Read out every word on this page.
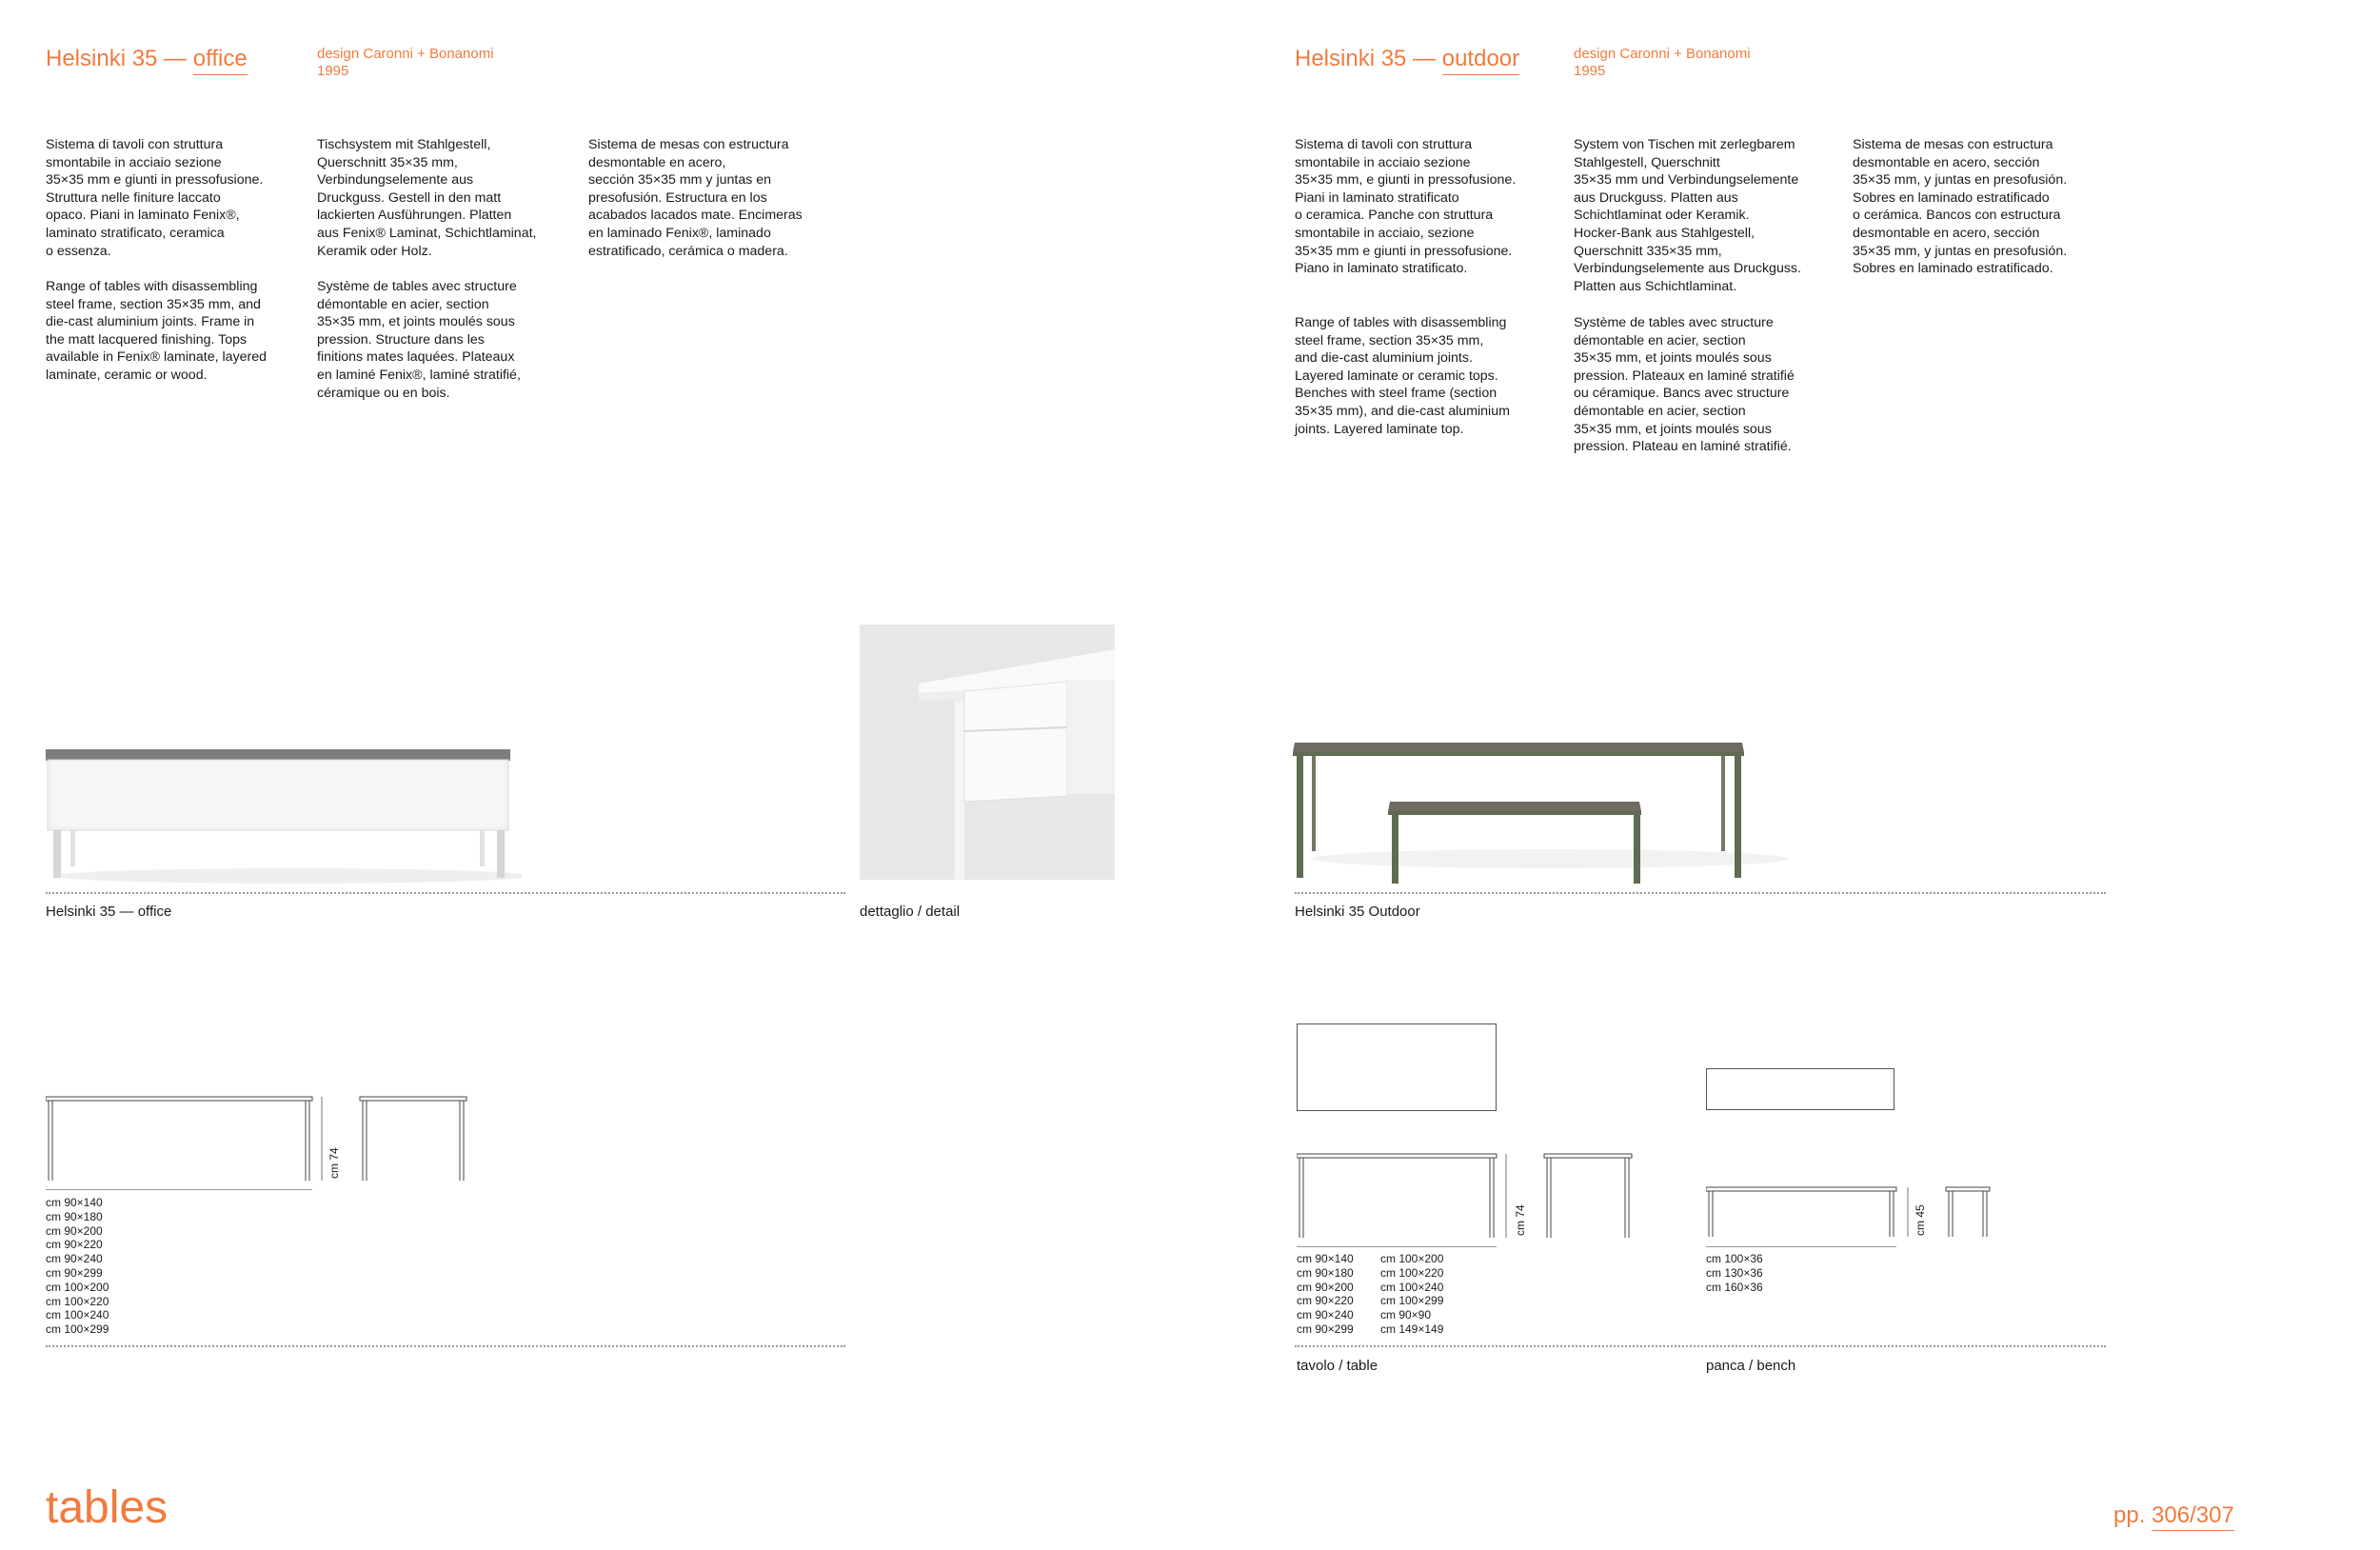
Helsinki 35 — office	design Caronni + Bonanomi
1995

Sistema di tavoli con struttura
smontabile in acciaio sezione
35×35 mm e giunti in pressofusione.
Struttura nelle finiture laccato
opaco. Piani in laminato Fenix®,
laminato stratificato, ceramica
o essenza.

Range of tables with disassembling
steel frame, section 35×35 mm, and
die-cast aluminium joints. Frame in
the matt lacquered finishing. Tops
available in Fenix® laminate, layered
laminate, ceramic or wood.

Tischsystem mit Stahlgestell,
Querschnitt 35×35 mm,
Verbindungselemente aus
Druckguss. Gestell in den matt
lackierten Ausführungen. Platten
aus Fenix® Laminat, Schichtlaminat,
Keramik oder Holz.

Système de tables avec structure
démontable en acier, section
35×35 mm, et joints moulés sous
pression. Structure dans les
finitions mates laquées. Plateaux
en laminé Fenix®, laminé stratifié,
céramique ou en bois.

Sistema de mesas con estructura
desmontable en acero,
sección 35×35 mm y juntas en
presofusión. Estructura en los
acabados lacados mate. Encimeras
en laminado Fenix®, laminado
estratificado, cerámica o madera.

Helsinki 35 — office	dettaglio / detail
cm 74
cm 90×140
cm 90×180
cm 90×200
cm 90×220
cm 90×240
cm 90×299
cm 100×200
cm 100×220
cm 100×240
cm 100×299
tables
Helsinki 35 — outdoor	design Caronni + Bonanomi
1995

Sistema di tavoli con struttura
smontabile in acciaio sezione
35×35 mm, e giunti in pressofusione.
Piani in laminato stratificato
o ceramica. Panche con struttura
smontabile in acciaio, sezione
35×35 mm e giunti in pressofusione.
Piano in laminato stratificato.

Range of tables with disassembling
steel frame, section 35×35 mm,
and die-cast aluminium joints.
Layered laminate or ceramic tops.
Benches with steel frame (section
35×35 mm), and die-cast aluminium
joints. Layered laminate top.

System von Tischen mit zerlegbarem
Stahlgestell, Querschnitt
35×35 mm und Verbindungselemente
aus Druckguss. Platten aus
Schichtlaminat oder Keramik.
Hocker-Bank aus Stahlgestell,
Querschnitt 335×35 mm,
Verbindungselemente aus Druckguss.
Platten aus Schichtlaminat.

Système de tables avec structure
démontable en acier, section
35×35 mm, et joints moulés sous
pression. Plateaux en laminé stratifié
ou céramique. Bancs avec structure
démontable en acier, section
35×35 mm, et joints moulés sous
pression. Plateau en laminé stratifié.

Sistema de mesas con estructura
desmontable en acero, sección
35×35 mm, y juntas en presofusión.
Sobres en laminado estratificado
o cerámica. Bancos con estructura
desmontable en acero, sección
35×35 mm, y juntas en presofusión.
Sobres en laminado estratificado.

Helsinki 35 Outdoor
cm 74	cm 45
cm 90×140
cm 90×180
cm 90×200
cm 90×220
cm 90×240
cm 90×299
cm 100×200
cm 100×220
cm 100×240
cm 100×299
cm 90×90
cm 149×149
cm 100×36
cm 130×36
cm 160×36
tavolo / table	panca / bench
pp. 306/307
